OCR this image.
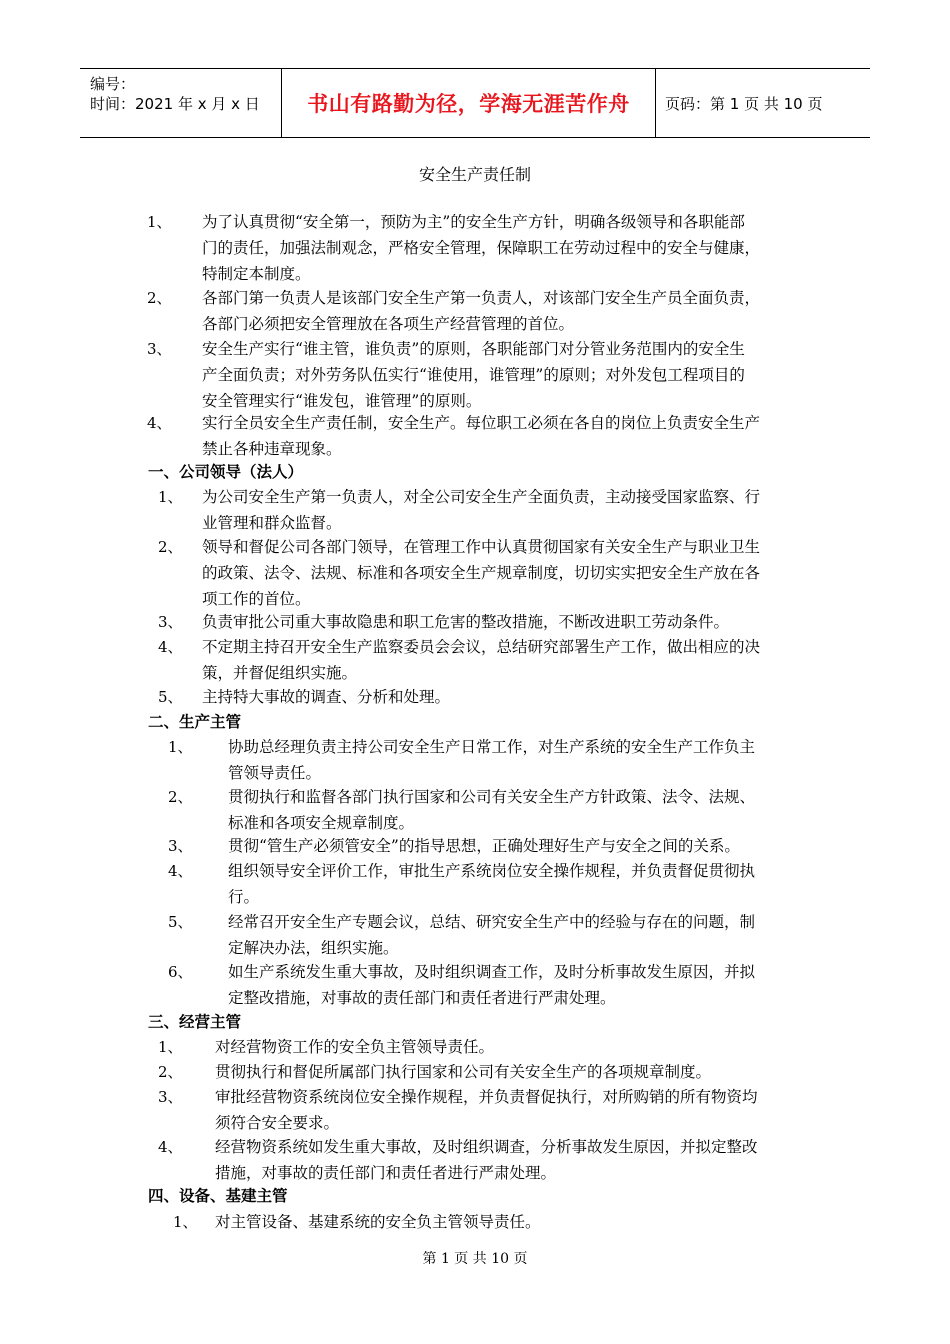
编号：
时间：2021 年 x 月 x 日 书山有路勤为径，学海无涯苦作舟 页码：第 1 页 共 10 页
安全生产责任制
1、 为了认真贯彻“安全第一，预防为主”的安全生产方针，明确各级领导和各职能部
门的责任，加强法制观念，严格安全管理，保障职工在劳动过程中的安全与健康，
特制定本制度。
2、 各部门第一负责人是该部门安全生产第一负责人，对该部门安全生产员全面负责，
各部门必须把安全管理放在各项生产经营管理的首位。
3、 安全生产实行“谁主管，谁负责”的原则，各职能部门对分管业务范围内的安全生
产全面负责；对外劳务队伍实行“谁使用，谁管理”的原则；对外发包工程项目的
安全管理实行“谁发包，谁管理”的原则。
4、 实行全员安全生产责任制，安全生产。每位职工必须在各自的岗位上负责安全生产
禁止各种违章现象。
一、公司领导（法人）
1、 为公司安全生产第一负责人，对全公司安全生产全面负责，主动接受国家监察、行
业管理和群众监督。
2、 领导和督促公司各部门领导，在管理工作中认真贯彻国家有关安全生产与职业卫生
的政策、法令、法规、标准和各项安全生产规章制度，切切实实把安全生产放在各
项工作的首位。
3、 负责审批公司重大事故隐患和职工危害的整改措施，不断改进职工劳动条件。
4、 不定期主持召开安全生产监察委员会会议，总结研究部署生产工作，做出相应的决
策，并督促组织实施。
5、 主持特大事故的调查、分析和处理。
二、生产主管
1、 协助总经理负责主持公司安全生产日常工作，对生产系统的安全生产工作负主
管领导责任。
2、 贯彻执行和监督各部门执行国家和公司有关安全生产方针政策、法令、法规、
标准和各项安全规章制度。
3、 贯彻“管生产必须管安全”的指导思想，正确处理好生产与安全之间的关系。
4、 组织领导安全评价工作，审批生产系统岗位安全操作规程，并负责督促贯彻执
行。
5、 经常召开安全生产专题会议，总结、研究安全生产中的经验与存在的问题，制
定解决办法，组织实施。
6、 如生产系统发生重大事故，及时组织调查工作，及时分析事故发生原因，并拟
定整改措施，对事故的责任部门和责任者进行严肃处理。
三、经营主管
1、 对经营物资工作的安全负主管领导责任。
2、 贯彻执行和督促所属部门执行国家和公司有关安全生产的各项规章制度。
3、 审批经营物资系统岗位安全操作规程，并负责督促执行，对所购销的所有物资均
须符合安全要求。
4、 经营物资系统如发生重大事故，及时组织调查，分析事故发生原因，并拟定整改
措施，对事故的责任部门和责任者进行严肃处理。
四、设备、基建主管
1、 对主管设备、基建系统的安全负主管领导责任。
第 1 页 共 10 页
